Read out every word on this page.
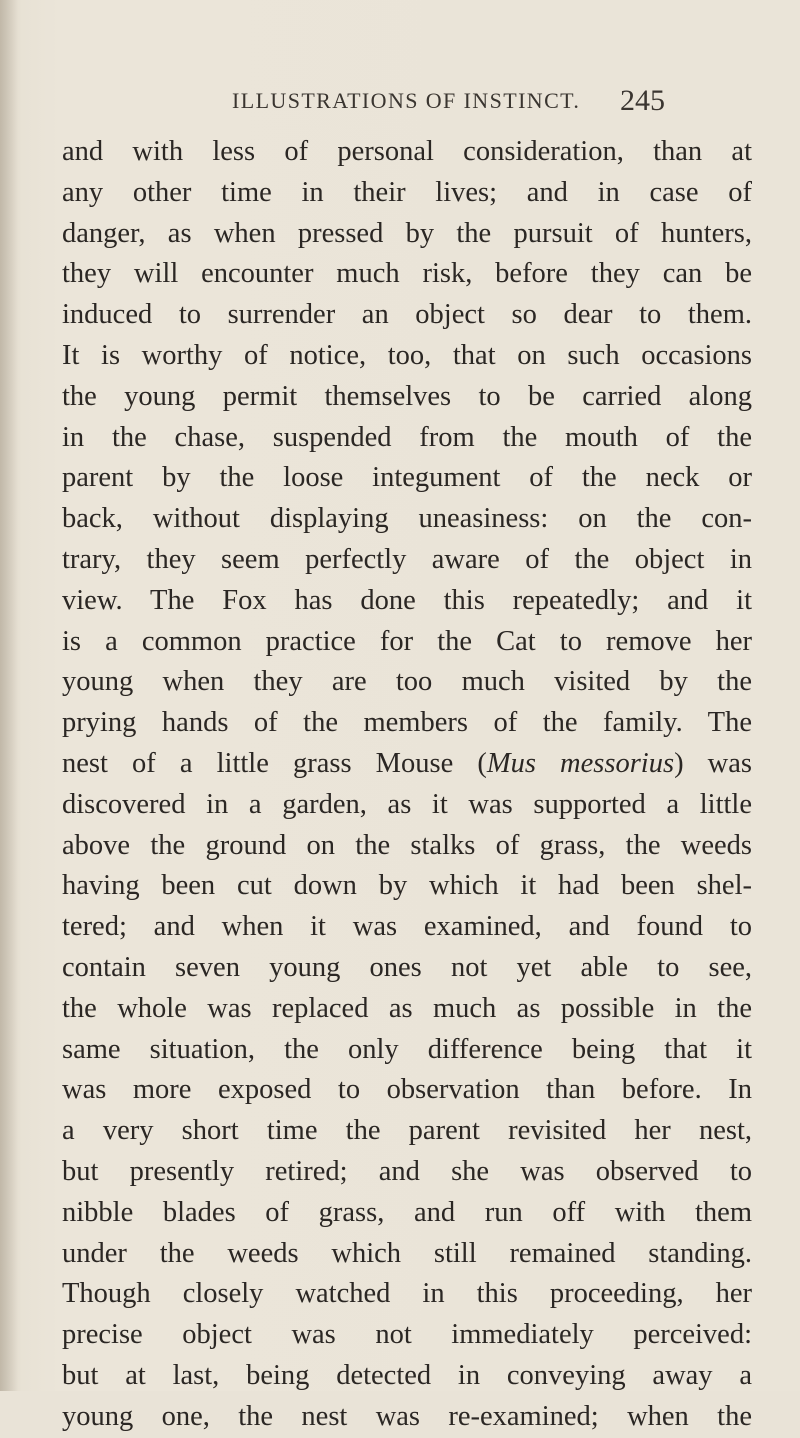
ILLUSTRATIONS OF INSTINCT. 245
and with less of personal consideration, than at
any other time in their lives; and in case of
danger, as when pressed by the pursuit of hunters,
they will encounter much risk, before they can be
induced to surrender an object so dear to them.
It is worthy of notice, too, that on such occasions
the young permit themselves to be carried along
in the chase, suspended from the mouth of the
parent by the loose integument of the neck or
back, without displaying uneasiness: on the con-
trary, they seem perfectly aware of the object in
view. The Fox has done this repeatedly; and it
is a common practice for the Cat to remove her
young when they are too much visited by the
prying hands of the members of the family. The
nest of a little grass Mouse (Mus messorius) was
discovered in a garden, as it was supported a little
above the ground on the stalks of grass, the weeds
having been cut down by which it had been shel-
tered; and when it was examined, and found to
contain seven young ones not yet able to see,
the whole was replaced as much as possible in the
same situation, the only difference being that it
was more exposed to observation than before. In
a very short time the parent revisited her nest,
but presently retired; and she was observed to
nibble blades of grass, and run off with them
under the weeds which still remained standing.
Though closely watched in this proceeding, her
precise object was not immediately perceived:
but at last, being detected in conveying away a
young one, the nest was re-examined; when the
